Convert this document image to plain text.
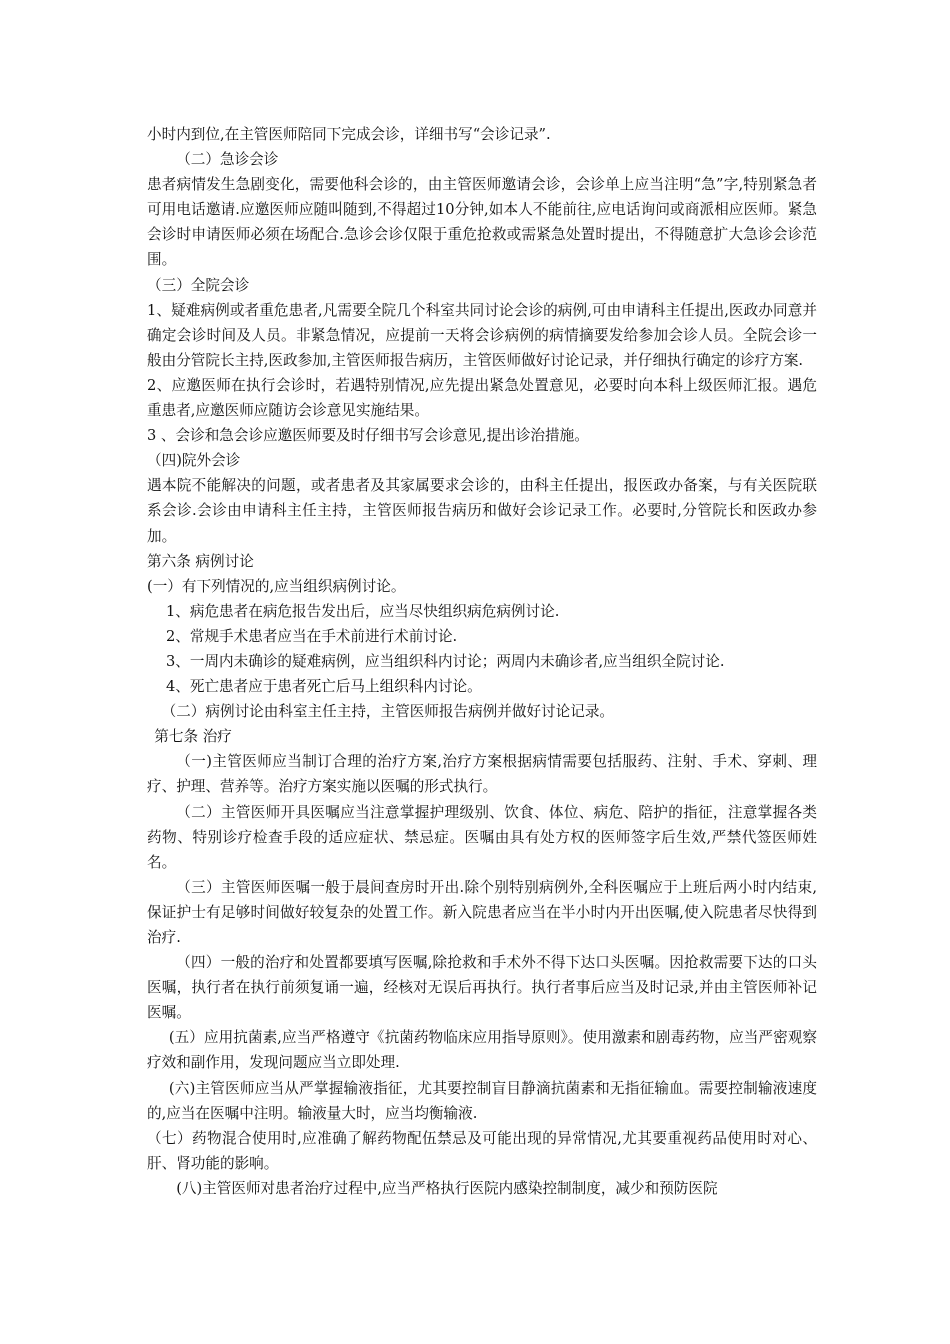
小时内到位,在主管医师陪同下完成会诊，详细书写“会诊记录”.

（二）急诊会诊

患者病情发生急剧变化，需要他科会诊的，由主管医师邀请会诊，会诊单上应当注明“急”字,特别紧急者可用电话邀请.应邀医师应随叫随到,不得超过10分钟,如本人不能前往,应电话询问或商派相应医师。紧急会诊时申请医师必须在场配合.急诊会诊仅限于重危抢救或需紧急处置时提出，不得随意扩大急诊会诊范围。

（三）全院会诊

1、疑难病例或者重危患者,凡需要全院几个科室共同讨论会诊的病例,可由申请科主任提出,医政办同意并确定会诊时间及人员。非紧急情况，应提前一天将会诊病例的病情摘要发给参加会诊人员。全院会诊一般由分管院长主持,医政参加,主管医师报告病历，主管医师做好讨论记录，并仔细执行确定的诊疗方案.

2、应邀医师在执行会诊时，若遇特别情况,应先提出紧急处置意见，必要时向本科上级医师汇报。遇危重患者,应邀医师应随访会诊意见实施结果。

3 、会诊和急会诊应邀医师要及时仔细书写会诊意见,提出诊治措施。

（四)院外会诊

遇本院不能解决的问题，或者患者及其家属要求会诊的，由科主任提出，报医政办备案，与有关医院联系会诊.会诊由申请科主任主持，主管医师报告病历和做好会诊记录工作。必要时,分管院长和医政办参加。

第六条 病例讨论

(一）有下列情况的,应当组织病例讨论。

1、病危患者在病危报告发出后，应当尽快组织病危病例讨论.

2、常规手术患者应当在手术前进行术前讨论.

3、一周内未确诊的疑难病例，应当组织科内讨论；两周内未确诊者,应当组织全院讨论.

4、死亡患者应于患者死亡后马上组织科内讨论。

（二）病例讨论由科室主任主持，主管医师报告病例并做好讨论记录。

第七条 治疗

（一)主管医师应当制订合理的治疗方案,治疗方案根据病情需要包括服药、注射、手术、穿刺、理疗、护理、营养等。治疗方案实施以医嘱的形式执行。

（二）主管医师开具医嘱应当注意掌握护理级别、饮食、体位、病危、陪护的指征，注意掌握各类药物、特别诊疗检查手段的适应症状、禁忌症。医嘱由具有处方权的医师签字后生效,严禁代签医师姓名。

（三）主管医师医嘱一般于晨间查房时开出.除个别特别病例外,全科医嘱应于上班后两小时内结束,保证护士有足够时间做好较复杂的处置工作。新入院患者应当在半小时内开出医嘱,使入院患者尽快得到治疗.

（四）一般的治疗和处置都要填写医嘱,除抢救和手术外不得下达口头医嘱。因抢救需要下达的口头医嘱，执行者在执行前须复诵一遍，经核对无误后再执行。执行者事后应当及时记录,并由主管医师补记医嘱。

(五）应用抗菌素,应当严格遵守《抗菌药物临床应用指导原则》。使用激素和剧毒药物，应当严密观察疗效和副作用，发现问题应当立即处理.

(六)主管医师应当从严掌握输液指征，尤其要控制盲目静滴抗菌素和无指征输血。需要控制输液速度的,应当在医嘱中注明。输液量大时，应当均衡输液.

（七）药物混合使用时,应准确了解药物配伍禁忌及可能出现的异常情况,尤其要重视药品使用时对心、肝、肾功能的影响。

(八)主管医师对患者治疗过程中,应当严格执行医院内感染控制制度，减少和预防医院
